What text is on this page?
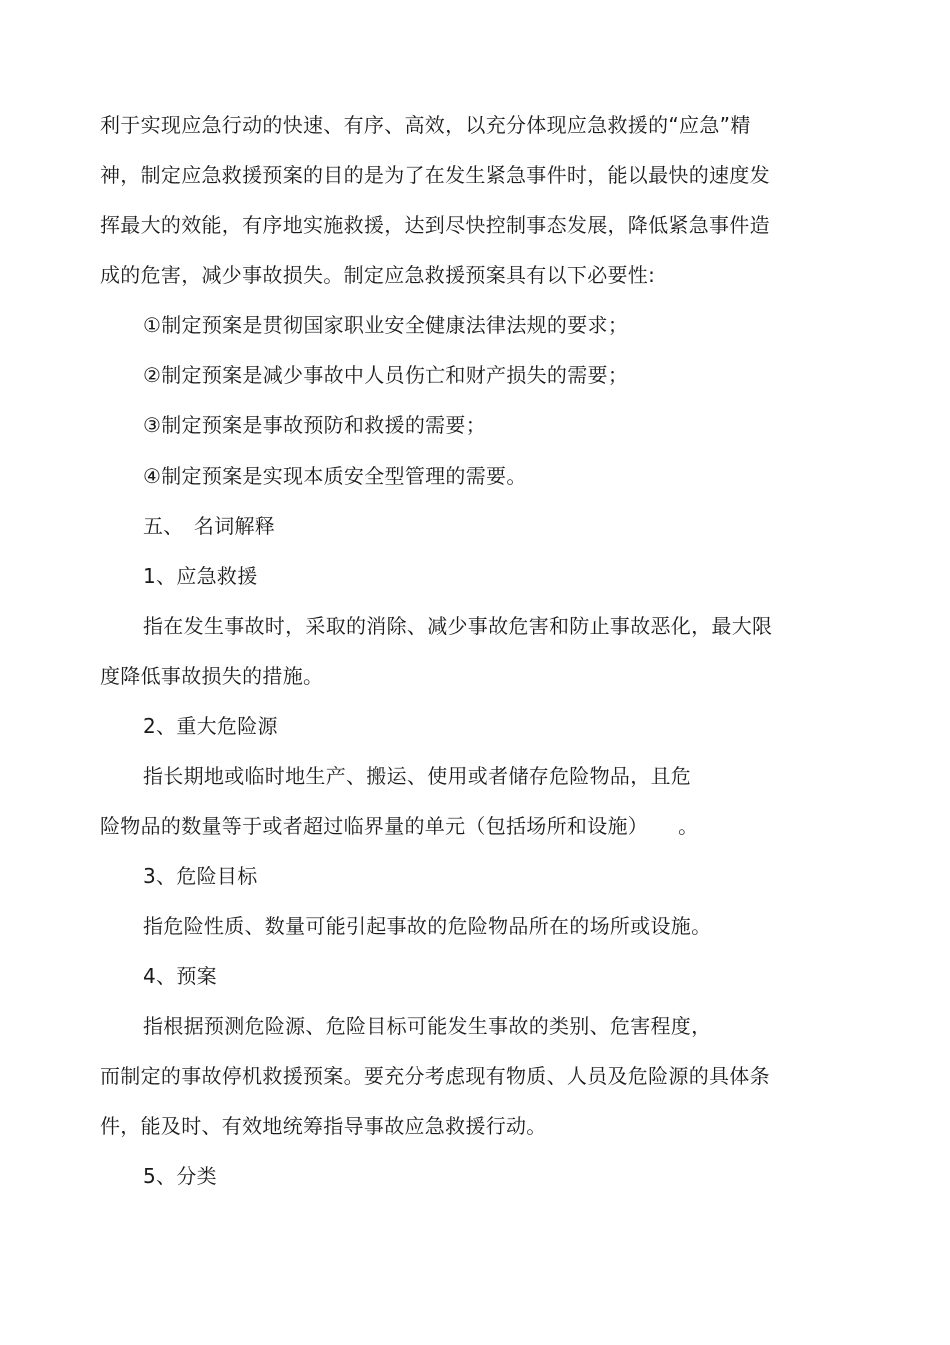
利于实现应急行动的快速、有序、高效，以充分体现应急救援的“应急”精
神，制定应急救援预案的目的是为了在发生紧急事件时，能以最快的速度发
挥最大的效能，有序地实施救援，达到尽快控制事态发展，降低紧急事件造
成的危害，减少事故损失。制定应急救援预案具有以下必要性:
①制定预案是贯彻国家职业安全健康法律法规的要求；
②制定预案是减少事故中人员伤亡和财产损失的需要；
③制定预案是事故预防和救援的需要；
④制定预案是实现本质安全型管理的需要。
五、　名词解释
1、应急救援
指在发生事故时，采取的消除、减少事故危害和防止事故恶化，最大限
度降低事故损失的措施。
2、重大危险源
指长期地或临时地生产、搬运、使用或者储存危险物品，且危
险物品的数量等于或者超过临界量的单元（包括场所和设施） 。
3、危险目标
指危险性质、数量可能引起事故的危险物品所在的场所或设施。
4、预案
指根据预测危险源、危险目标可能发生事故的类别、危害程度，
而制定的事故停机救援预案。要充分考虑现有物质、人员及危险源的具体条
件，能及时、有效地统筹指导事故应急救援行动。
5、分类
